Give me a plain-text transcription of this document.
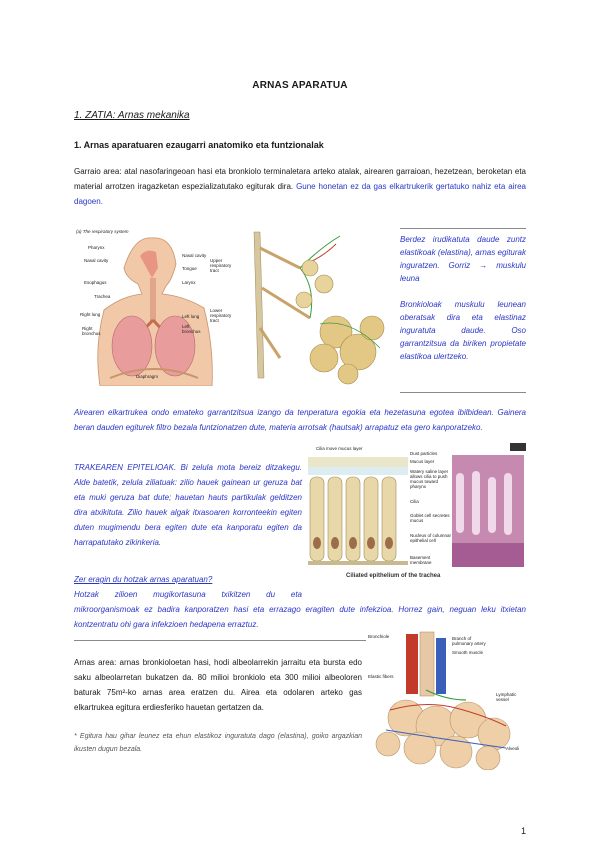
ARNAS APARATUA
1. ZATIA: Arnas mekanika
1. Arnas aparatuaren ezaugarri anatomiko eta funtzionalak
Garraio area: atal nasofaringeoan hasi eta bronkiolo terminaletara arteko atalak, airearen garraioan, hezetzean, beroketan eta material arrotzen iragazketan espezializatutako egiturak dira. Gune honetan ez da gas elkartrukerik gertatuko nahiz eta airea dagoen.
(a) The respiratory system
Pharynx
Nasal cavity
Esophagus
Trachea
Right lung
Right bronchus
Nasal cavity
Tongue
Larynx
Left lung
Left bronchus
Upper respiratory tract
Lower respiratory tract
Diaphragm
Berdez irudikatuta daude zuntz elastikoak (elastina), arnas egiturak inguratzen. Gorriz → muskulu leuna
Bronkioloak muskulu leunean oberatsak dira eta elastinaz inguratuta daude. Oso garrantzitsua da biriken propietate elastikoa ulertzeko.
Airearen elkartrukea ondo emateko garrantzitsua izango da tenperatura egokia eta hezetasuna egotea ibilbidean. Gainera beran dauden egiturek filtro bezala funtzionatzen dute, materia arrotsak (hautsak) arrapatuz eta gero kanporatzeko.
TRAKEAREN EPITELIOAK. Bi zelula mota bereiz ditzakegu. Alde batetik, zelula ziliatuak: zilio hauek gainean ur geruza bat eta muki geruza bat dute; hauetan hauts partikulak gelditzen dira atxikituta. Zilio hauek algak itxasoaren korronteekin egiten duten mugimendu bera egiten dute eta kanporatu egiten da harrapatutako zikinkeria.
Cilia move mucus layer
Dust particles
Mucus layer
Watery saline layer allows cilia to push mucus toward pharynx
Cilia
Goblet cell secretes mucus
Nucleus of columnar epithelial cell
Basement membrane
Ciliated epithelium of the trachea
Zer eragin du hotzak arnas aparatuan?
Hotzak zilioen mugikortasuna txikitzen du eta
mikroorganismoak ez badira kanporatzen hasi eta errazago eragiten dute infekzioa. Horrez gain, neguan leku itxietan kontzentratu ohi gara infekzioen hedapena erraztuz.
Arnas area: arnas bronkioloetan hasi, hodi albeolarrekin jarraitu eta bursta edo saku albeolarretan bukatzen da. 80 milioi bronkiolo eta 300 milioi albeoloren baturak 75m²-ko arnas area eratzen du. Airea eta odolaren arteko gas elkartrukea egitura erdiesferiko hauetan gertatzen da.
* Egitura hau gihar leunez eta ehun elastikoz inguratuta dago (elastina), goiko argazkian ikusten dugun bezala.
Bronchiole	Branch of pulmonary artery
Smooth muscle
Elastic fibers
Lymphatic vessel
Alveoli
1
